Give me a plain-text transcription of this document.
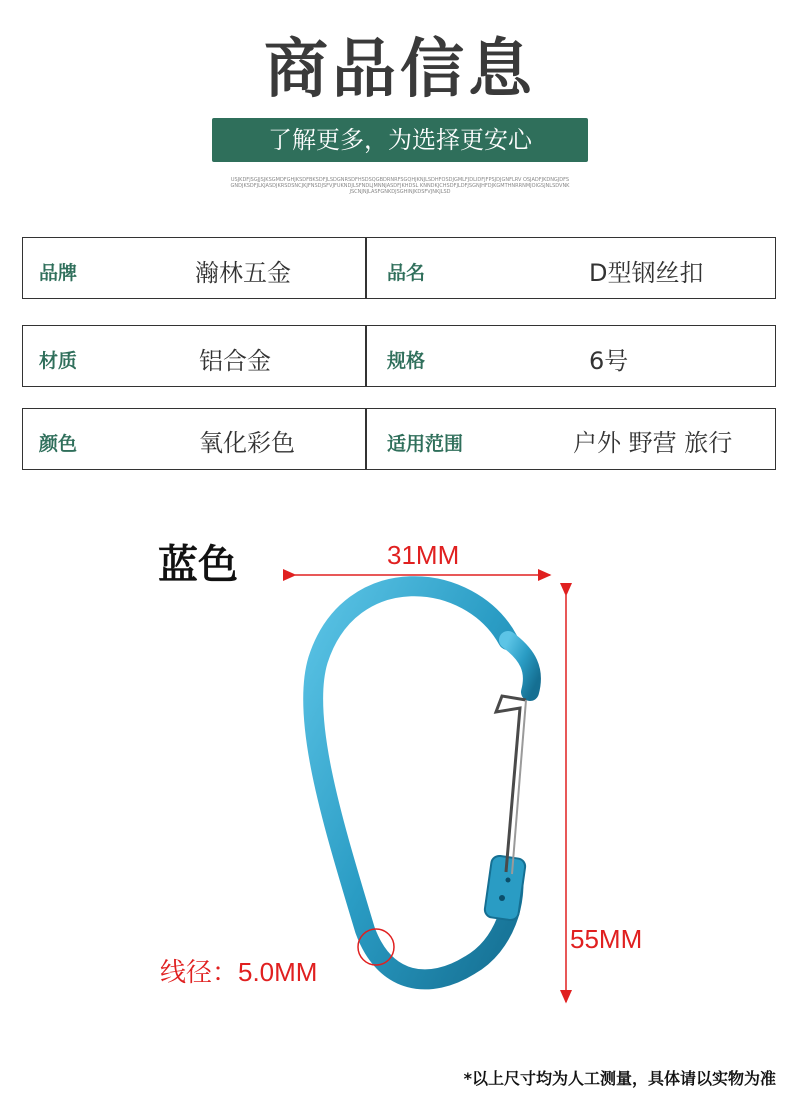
商品信息
了解更多，为选择更安心
USJKDFJSGJJSJKSGMDFGHJKSDFBKSDFJLSDGNRSDFHSDSQGBDRNRFSGQHJKNJLSDHFOSDJGMLFJDLIDFJFPSJDJGNFLRV OSJADFJKDNGJDFSGNDJKSDFJLKJASDJKRSDSNCJKJFNSDJSFVJFUKNDJLSFNDLJMNNJASDFJKHDSL KNNDKJCHSDFJLDFJSGNJHFDJKGMTHNRRNMJOIGSJNLSDVNKJSCNJNJLASFGNKDJSGHINJKDSFVJNKJLSD
品牌	瀚林五金	品名	D型钢丝扣
材质	铝合金	规格	6号
颜色	氧化彩色	适用范围	户外 野营 旅行
蓝色	31MM
55MM
线径：5.0MM
*以上尺寸均为人工测量，具体请以实物为准
